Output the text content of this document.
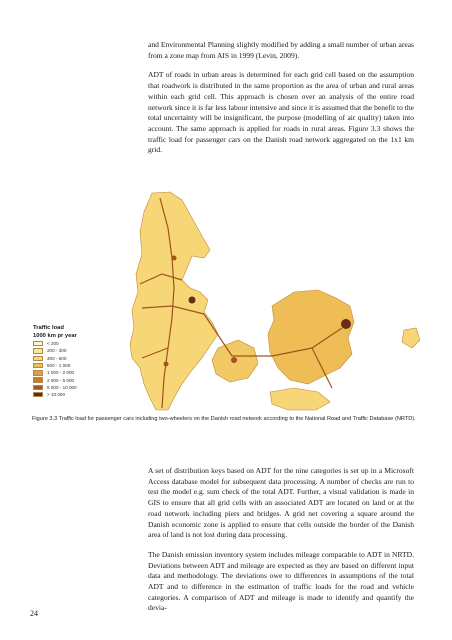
and Environmental Planning slightly modified by adding a small number of urban areas from a zone map from AIS in 1999 (Levin, 2009).

ADT of roads in urban areas is determined for each grid cell based on the assumption that roadwork is distributed in the same proportion as the area of urban and rural areas within each grid cell. This approach is chosen over an analysis of the entire road network since it is far less labour intensive and since it is assumed that the benefit to the total uncertainty will be insignificant, the purpose (modelling of air quality) taken into account. The same approach is applied for roads in rural areas. Figure 3.3 shows the traffic load for passenger cars on the Danish road network aggregated on the 1x1 km grid.

Traffic load
1000 km pr year
< 200
200 - 300
300 - 500
500 - 1 000
1 000 - 2 000
2 000 - 5 000
5 000 - 10 000
> 10 000
Figure 3.3 Traffic load for passenger cars including two-wheelers on the Danish road network according to the National Road and Traffic Database (NRTD).

A set of distribution keys based on ADT for the nine categories is set up in a Microsoft Access database model for subsequent data processing. A number of checks are run to test the model e.g. sum check of the total ADT. Further, a visual validation is made in GIS to ensure that all grid cells with an associated ADT are located on land or at the road network including piers and bridges. A grid net covering a square around the Danish economic zone is applied to ensure that cells outside the border of the Danish area of land is not lost during data processing.

The Danish emission inventory system includes mileage comparable to ADT in NRTD. Deviations between ADT and mileage are expected as they are based on different input data and methodology. The deviations owe to differences in assumptions of the total ADT and to difference in the estimation of traffic loads for the road and vehicle categories. A comparison of ADT and mileage is made to identify and quantify the devia-

24
